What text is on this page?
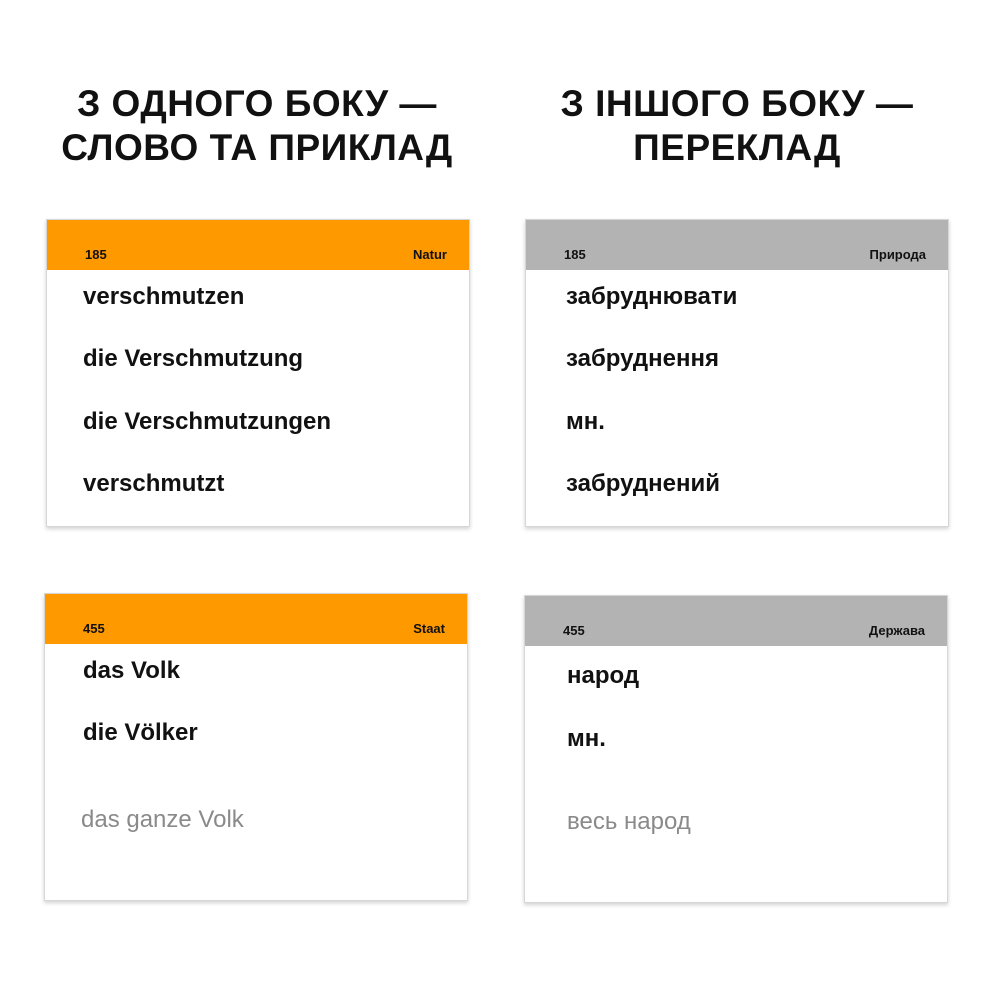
З ОДНОГО БОКУ —
СЛОВО ТА ПРИКЛАД
З ІНШОГО БОКУ —
ПЕРЕКЛАД
185	Natur
verschmutzen
die Verschmutzung
die Verschmutzungen
verschmutzt
185	Природа
забруднювати
забруднення
мн.
забруднений
455	Staat
das Volk
die Völker
das ganze Volk
455	Держава
народ
мн.
весь народ
